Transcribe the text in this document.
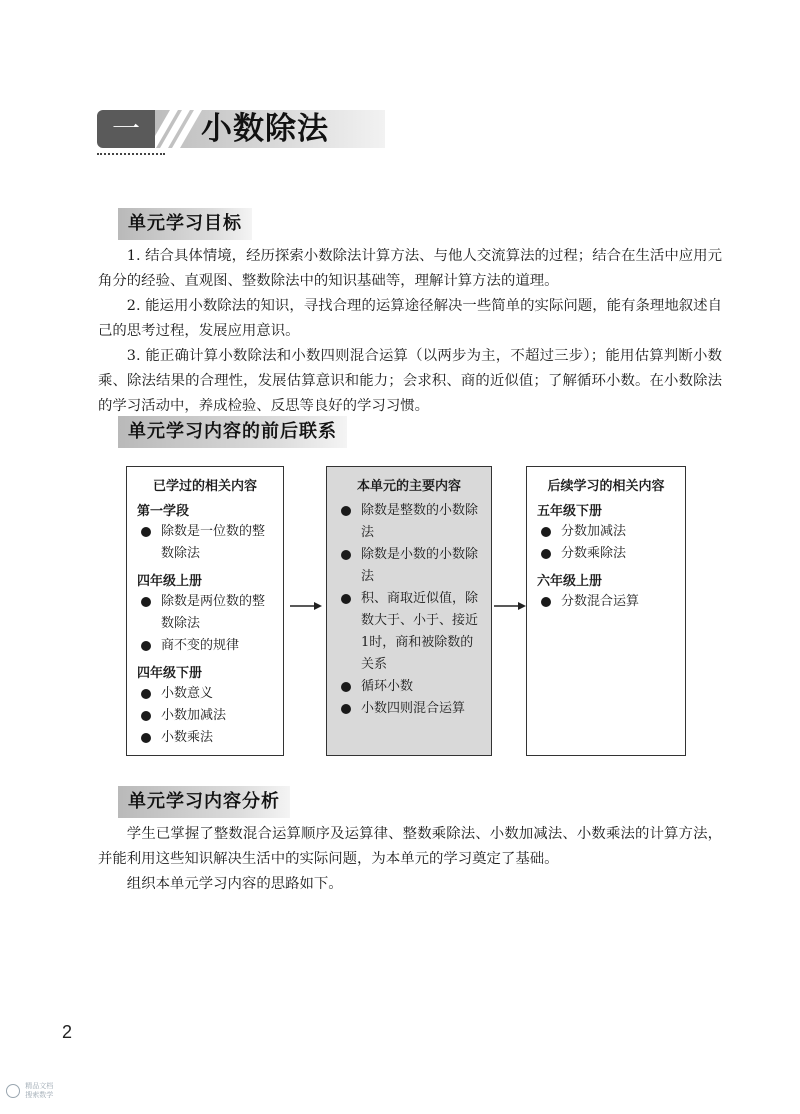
一	小数除法
单元学习目标

1. 结合具体情境，经历探索小数除法计算方法、与他人交流算法的过程；结合在生活中应用元角分的经验、直观图、整数除法中的知识基础等，理解计算方法的道理。

2. 能运用小数除法的知识，寻找合理的运算途径解决一些简单的实际问题，能有条理地叙述自己的思考过程，发展应用意识。

3. 能正确计算小数除法和小数四则混合运算（以两步为主，不超过三步）；能用估算判断小数乘、除法结果的合理性，发展估算意识和能力；会求积、商的近似值；了解循环小数。在小数除法的学习活动中，养成检验、反思等良好的学习习惯。

单元学习内容的前后联系
已学过的相关内容
第一学段
除数是一位数的整数除法
四年级上册
除数是两位数的整数除法
商不变的规律
四年级下册
小数意义
小数加减法
小数乘法
本单元的主要内容
除数是整数的小数除法
除数是小数的小数除法
积、商取近似值，除数大于、小于、接近1时，商和被除数的关系
循环小数
小数四则混合运算
后续学习的相关内容
五年级下册
分数加减法
分数乘除法
六年级上册
分数混合运算
单元学习内容分析

学生已掌握了整数混合运算顺序及运算律、整数乘除法、小数加减法、小数乘法的计算方法，并能利用这些知识解决生活中的实际问题，为本单元的学习奠定了基础。

组织本单元学习内容的思路如下。

2
精品文档
搜索数学
